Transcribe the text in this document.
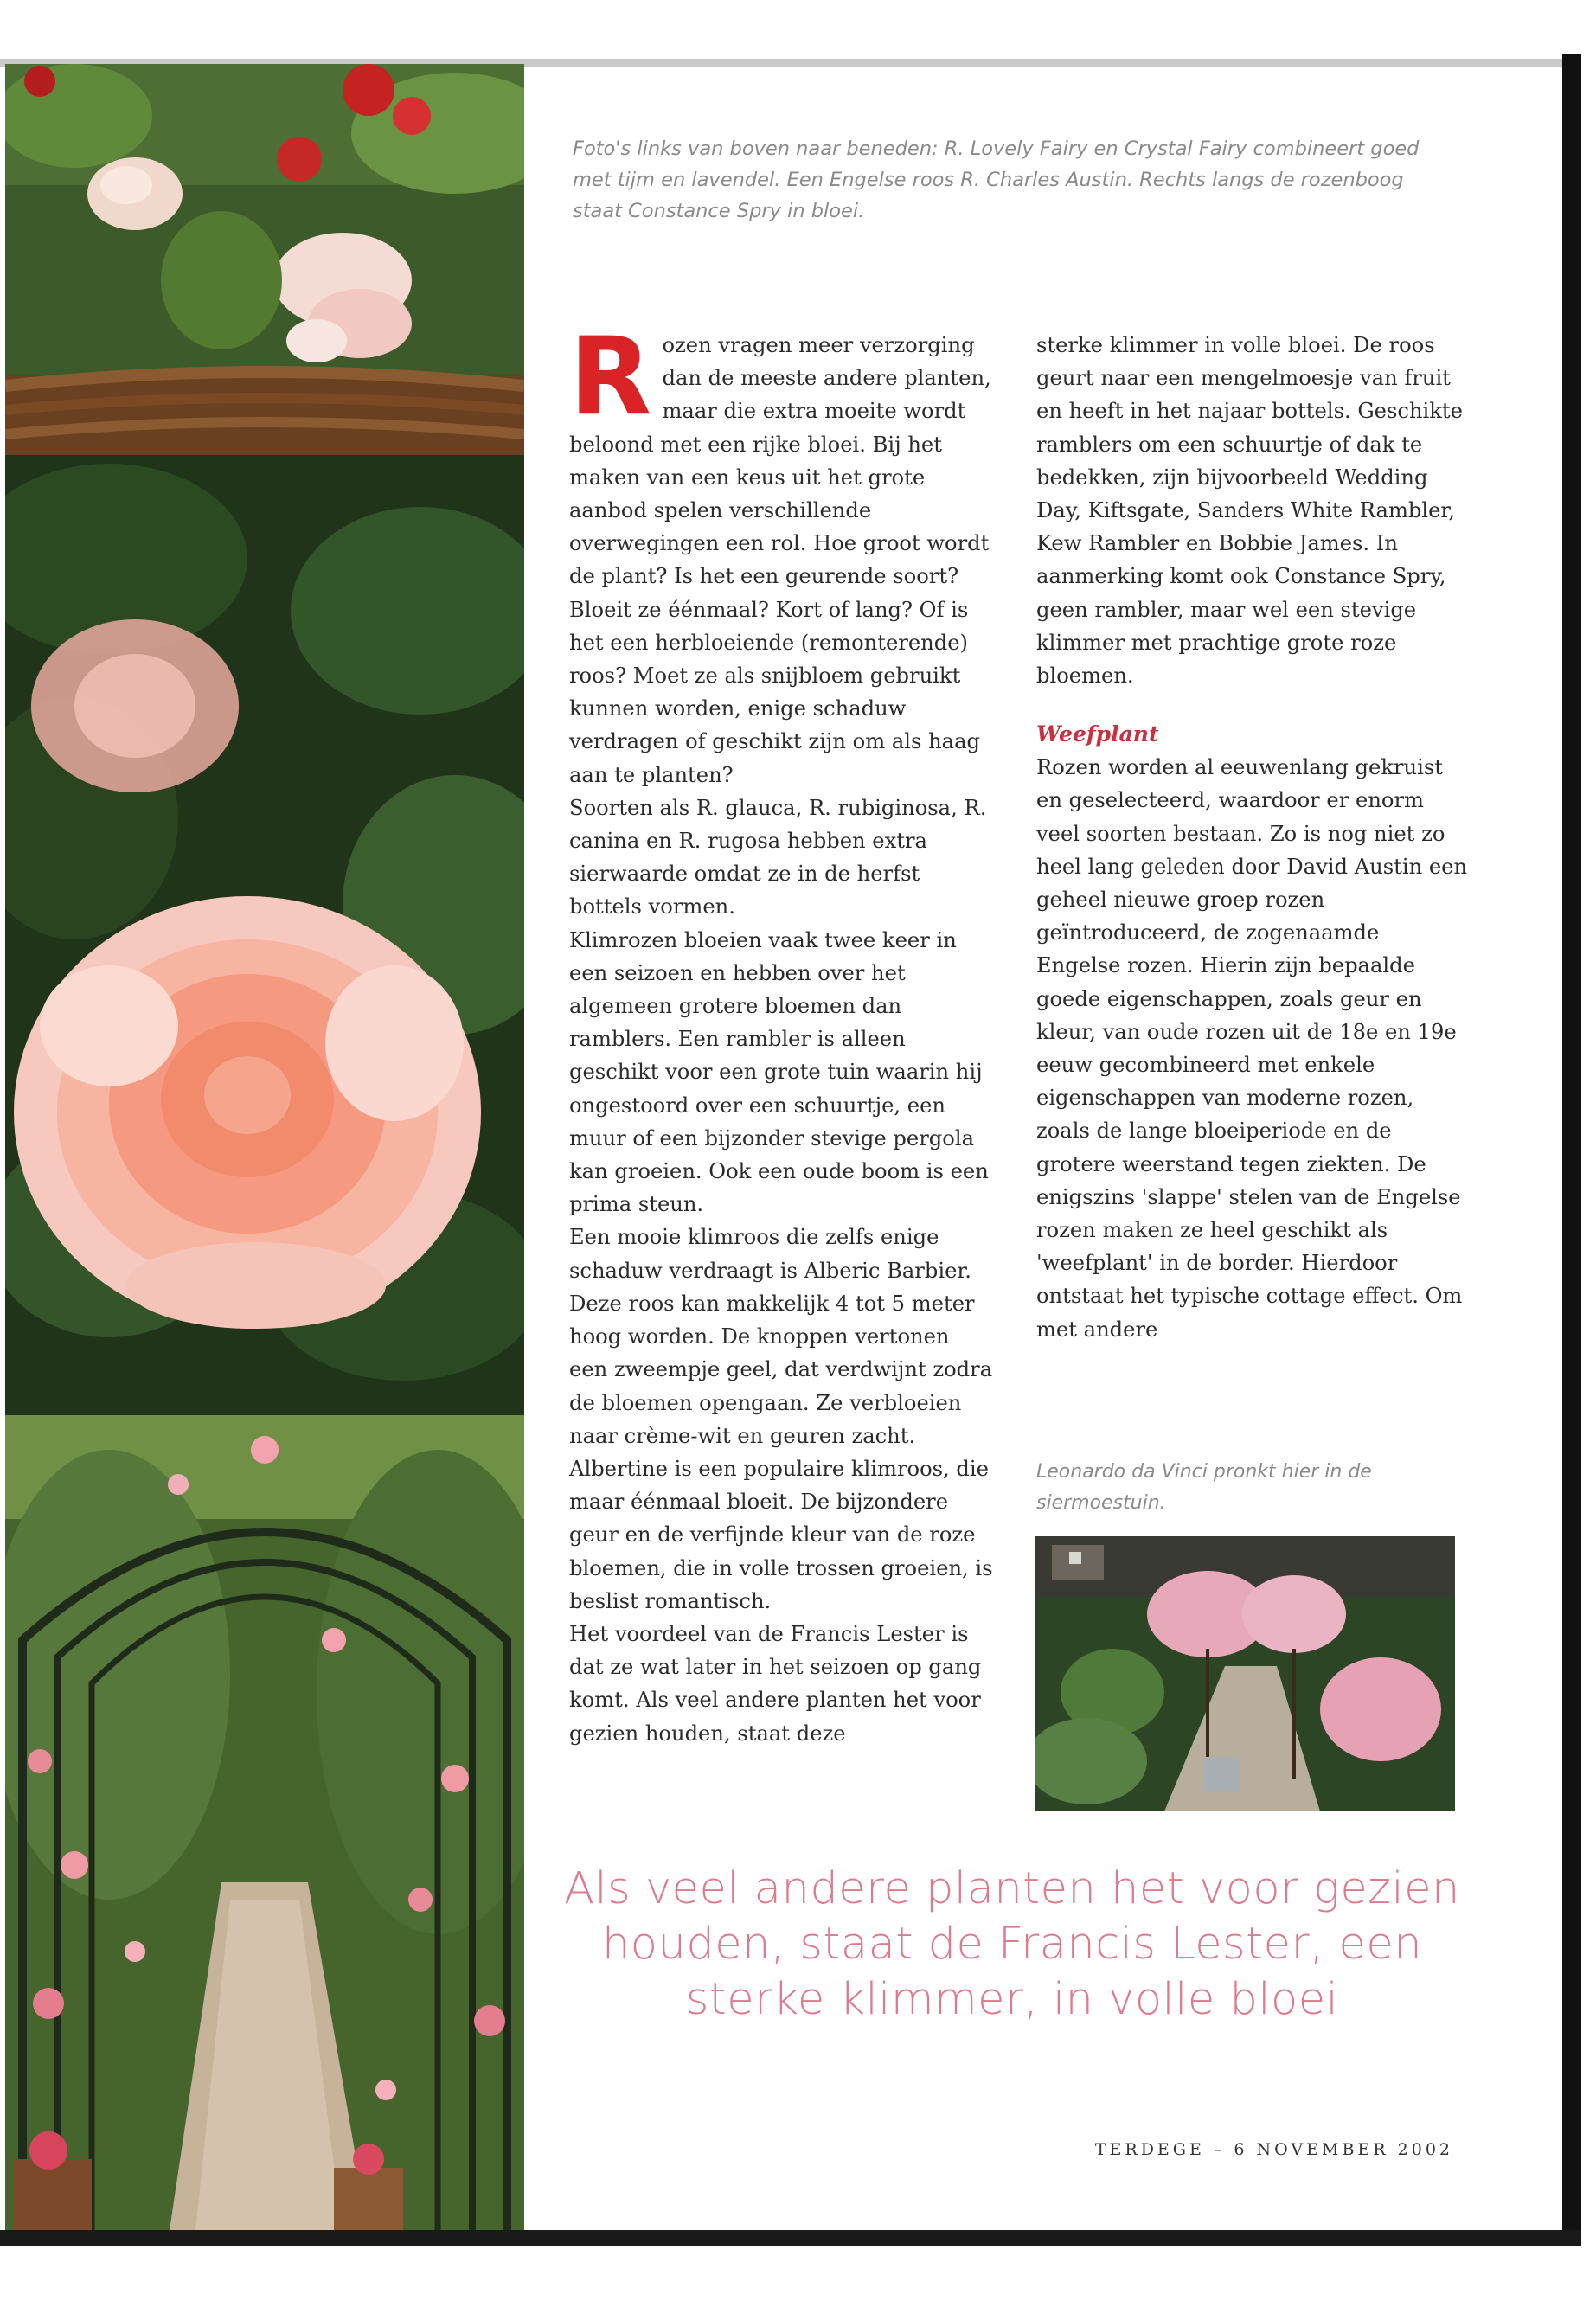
Foto's links van boven naar beneden: R. Lovely Fairy en Crystal Fairy combineert goed met tijm en lavendel. Een Engelse roos R. Charles Austin. Rechts langs de rozenboog staat Constance Spry in bloei.
R ozen vragen meer verzorging dan de meeste andere planten, maar die extra moeite wordt beloond met een rijke bloei. Bij het maken van een keus uit het grote aanbod spelen verschillende overwegingen een rol. Hoe groot wordt de plant? Is het een geurende soort? Bloeit ze éénmaal? Kort of lang? Of is het een herbloeiende (remonterende) roos? Moet ze als snijbloem gebruikt kunnen worden, enige schaduw verdragen of geschikt zijn om als haag aan te planten?

Soorten als R. glauca, R. rubiginosa, R. canina en R. rugosa hebben extra sierwaarde omdat ze in de herfst bottels vormen.

Klimrozen bloeien vaak twee keer in een seizoen en hebben over het algemeen grotere bloemen dan ramblers. Een rambler is alleen geschikt voor een grote tuin waarin hij ongestoord over een schuurtje, een muur of een bijzonder stevige pergola kan groeien. Ook een oude boom is een prima steun.

Een mooie klimroos die zelfs enige schaduw verdraagt is Alberic Barbier. Deze roos kan makkelijk 4 tot 5 meter hoog worden. De knoppen vertonen een zweempje geel, dat verdwijnt zodra de bloemen opengaan. Ze verbloeien naar crème-wit en geuren zacht. Albertine is een populaire klimroos, die maar éénmaal bloeit. De bijzondere geur en de verfijnde kleur van de roze bloemen, die in volle trossen groeien, is beslist romantisch.

Het voordeel van de Francis Lester is dat ze wat later in het seizoen op gang komt. Als veel andere planten het voor gezien houden, staat deze

sterke klimmer in volle bloei. De roos geurt naar een mengelmoesje van fruit en heeft in het najaar bottels. Geschikte ramblers om een schuurtje of dak te bedekken, zijn bijvoorbeeld Wedding Day, Kiftsgate, Sanders White Rambler, Kew Rambler en Bobbie James. In aanmerking komt ook Constance Spry, geen rambler, maar wel een stevige klimmer met prachtige grote roze bloemen.

Weefplant

Rozen worden al eeuwenlang gekruist en geselecteerd, waardoor er enorm veel soorten bestaan. Zo is nog niet zo heel lang geleden door David Austin een geheel nieuwe groep rozen geïntroduceerd, de zogenaamde Engelse rozen. Hierin zijn bepaalde goede eigenschappen, zoals geur en kleur, van oude rozen uit de 18e en 19e eeuw gecombineerd met enkele eigenschappen van moderne rozen, zoals de lange bloeiperiode en de grotere weerstand tegen ziekten. De enigszins 'slappe' stelen van de Engelse rozen maken ze heel geschikt als 'weefplant' in de border. Hierdoor ontstaat het typische cottage effect. Om met andere

Leonardo da Vinci pronkt hier in de siermoestuin.
Als veel andere planten het voor gezien houden, staat de Francis Lester, een sterke klimmer, in volle bloei
TERDEGE – 6 NOVEMBER 2002
